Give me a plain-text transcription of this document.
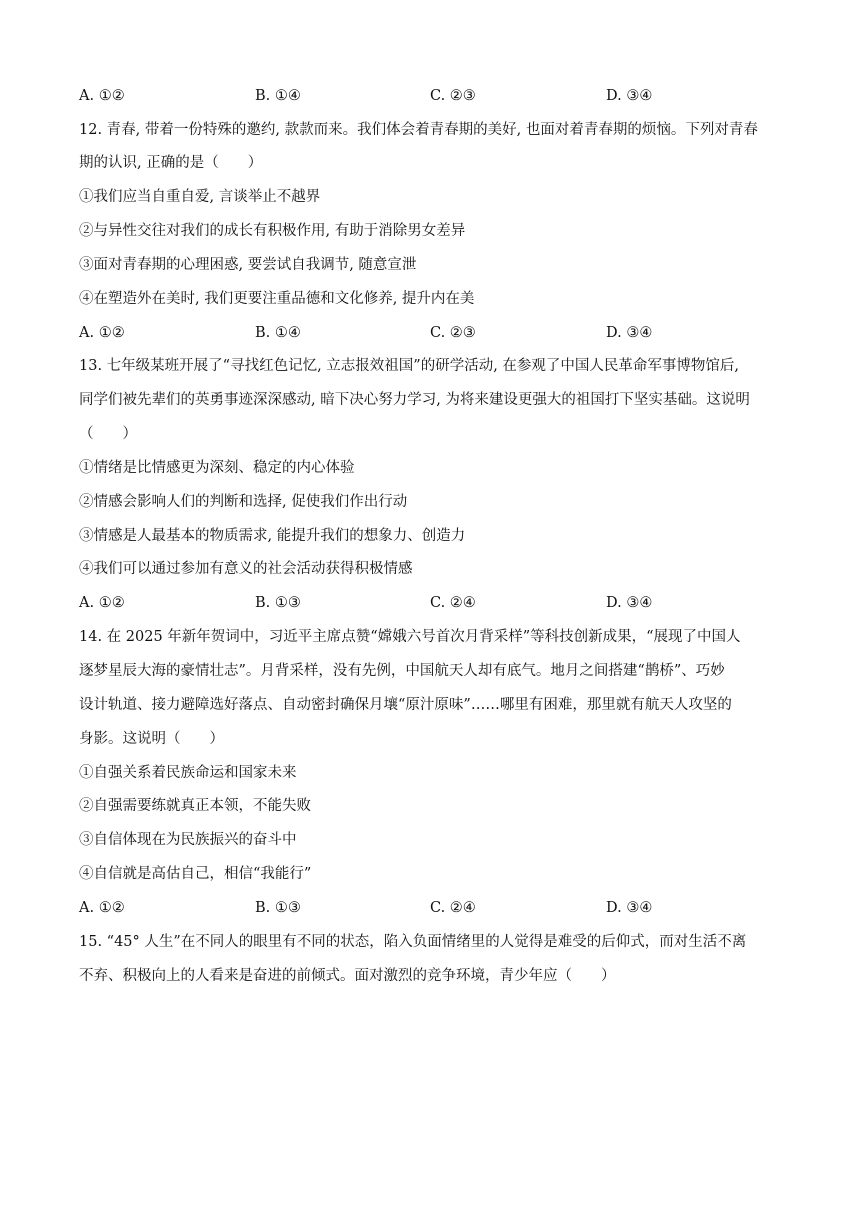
A. ①②	B. ①④	C. ②③	D. ③④
12. 青春, 带着一份特殊的邀约, 款款而来。我们体会着青春期的美好, 也面对着青春期的烦恼。下列对青春
期的认识, 正确的是（　　）
①我们应当自重自爱, 言谈举止不越界
②与异性交往对我们的成长有积极作用, 有助于消除男女差异
③面对青春期的心理困惑, 要尝试自我调节, 随意宣泄
④在塑造外在美时, 我们更要注重品德和文化修养, 提升内在美
A. ①②	B. ①④	C. ②③	D. ③④
13. 七年级某班开展了“寻找红色记忆, 立志报效祖国”的研学活动, 在参观了中国人民革命军事博物馆后,
同学们被先辈们的英勇事迹深深感动, 暗下决心努力学习, 为将来建设更强大的祖国打下坚实基础。这说明
（　　）
①情绪是比情感更为深刻、稳定的内心体验
②情感会影响人们的判断和选择, 促使我们作出行动
③情感是人最基本的物质需求, 能提升我们的想象力、创造力
④我们可以通过参加有意义的社会活动获得积极情感
A. ①②	B. ①③	C. ②④	D. ③④
14. 在 2025 年新年贺词中，习近平主席点赞“嫦娥六号首次月背采样”等科技创新成果，“展现了中国人
逐梦星辰大海的豪情壮志”。月背采样，没有先例，中国航天人却有底气。地月之间搭建“鹊桥”、巧妙
设计轨道、接力避障选好落点、自动密封确保月壤“原汁原味”……哪里有困难，那里就有航天人攻坚的
身影。这说明（　　）
①自强关系着民族命运和国家未来
②自强需要练就真正本领，不能失败
③自信体现在为民族振兴的奋斗中
④自信就是高估自己，相信“我能行”
A. ①②	B. ①③	C. ②④	D. ③④
15. “45° 人生”在不同人的眼里有不同的状态，陷入负面情绪里的人觉得是难受的后仰式，而对生活不离
不弃、积极向上的人看来是奋进的前倾式。面对激烈的竞争环境，青少年应（　　）
